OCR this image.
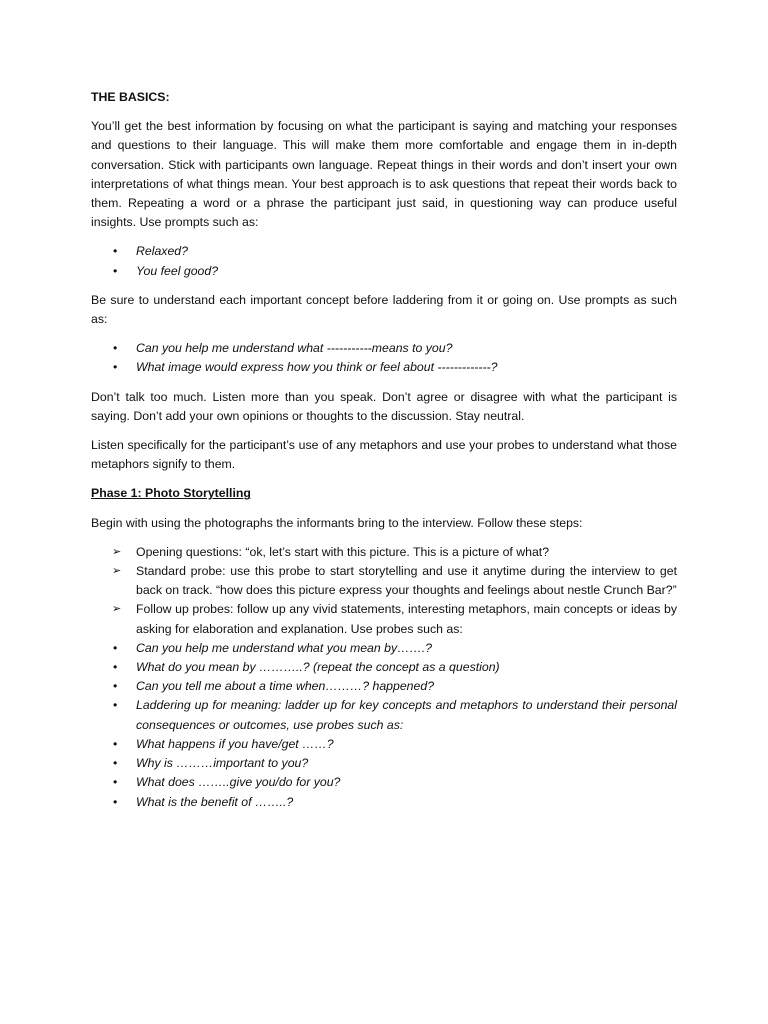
THE BASICS:

You’ll get the best information by focusing on what the participant is saying and matching your responses and questions to their language. This will make them more comfortable and engage them in in-depth conversation. Stick with participants own language. Repeat things in their words and don’t insert your own interpretations of what things mean. Your best approach is to ask questions that repeat their words back to them. Repeating a word or a phrase the participant just said, in questioning way can produce useful insights. Use prompts such as:

• Relaxed?
• You feel good?

Be sure to understand each important concept before laddering from it or going on. Use prompts as such as:

• Can you help me understand what -----------means to you?
• What image would express how you think or feel about -------------?

Don’t talk too much. Listen more than you speak. Don’t agree or disagree with what the participant is saying. Don’t add your own opinions or thoughts to the discussion. Stay neutral.

Listen specifically for the participant’s use of any metaphors and use your probes to understand what those metaphors signify to them.

Phase 1: Photo Storytelling

Begin with using the photographs the informants bring to the interview. Follow these steps:

➢ Opening questions: “ok, let’s start with this picture. This is a picture of what?
➢ Standard probe: use this probe to start storytelling and use it anytime during the interview to get back on track. “how does this picture express your thoughts and feelings about nestle Crunch Bar?”
➢ Follow up probes: follow up any vivid statements, interesting metaphors, main concepts or ideas by asking for elaboration and explanation. Use probes such as:
• Can you help me understand what you mean by…….?
• What do you mean by ………..? (repeat the concept as a question)
• Can you tell me about a time when………? happened?
• Laddering up for meaning: ladder up for key concepts and metaphors to understand their personal consequences or outcomes, use probes such as:
• What happens if you have/get ……?
• Why is ………important to you?
• What does ……..give you/do for you?
• What is the benefit of ……..?
